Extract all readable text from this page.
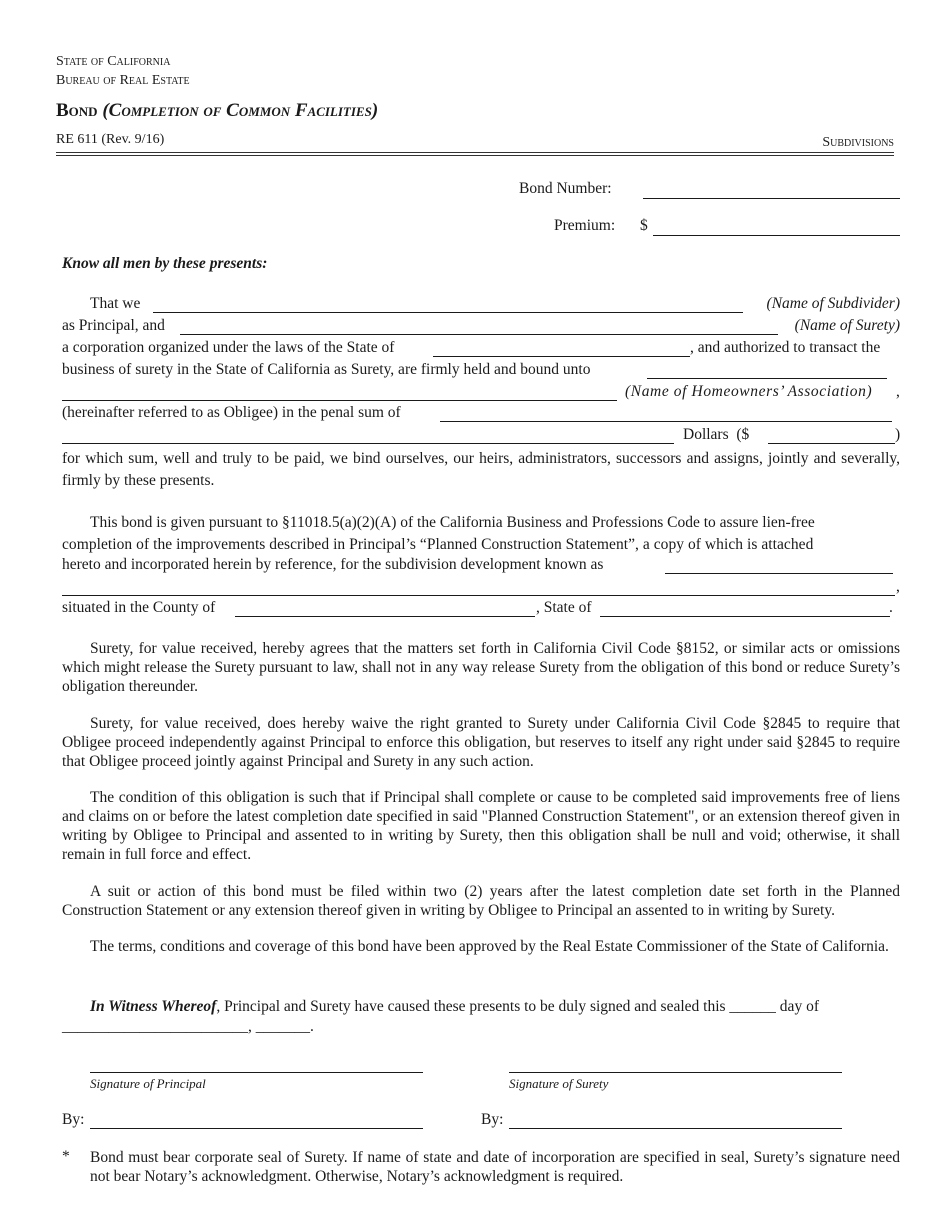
State of California
Bureau of Real Estate
Bond (Completion of Common Facilities)
RE 611 (Rev. 9/16)	Subdivisions
Bond Number:
Premium: $
Know all men by these presents:
That we	(Name of Subdivider)
as Principal, and	(Name of Surety)
a corporation organized under the laws of the State of	, and authorized to transact the
business of surety in the State of California as Surety, are firmly held and bound unto
(Name of Homeowners’ Association) ,
(hereinafter referred to as Obligee) in the penal sum of
Dollars  ($	)
for which sum, well and truly to be paid, we bind ourselves, our heirs, administrators, successors and assigns, jointly and severally, firmly by these presents.
This bond is given pursuant to §11018.5(a)(2)(A) of the California Business and Professions Code to assure lien-free
completion of the improvements described in Principal’s “Planned Construction Statement”, a copy of which is attached
hereto and incorporated herein by reference, for the subdivision development known as
,
situated in the County of	, State of	.
Surety, for value received, hereby agrees that the matters set forth in California Civil Code §8152, or similar acts or omissions which might release the Surety pursuant to law, shall not in any way release Surety from the obligation of this bond or reduce Surety’s obligation thereunder.
Surety, for value received, does hereby waive the right granted to Surety under California Civil Code §2845 to require that Obligee proceed independently against Principal to enforce this obligation, but reserves to itself any right under said §2845 to require that Obligee proceed jointly against Principal and Surety in any such action.
The condition of this obligation is such that if Principal shall complete or cause to be completed said improvements free of liens and claims on or before the latest completion date specified in said "Planned Construction Statement", or an extension thereof given in writing by Obligee to Principal and assented to in writing by Surety, then this obligation shall be null and void; otherwise, it shall remain in full force and effect.
A suit or action of this bond must be filed within two (2) years after the latest completion date set forth in the Planned Construction Statement or any extension thereof given in writing by Obligee to Principal an assented to in writing by Surety.
The terms, conditions and coverage of this bond have been approved by the Real Estate Commissioner of the State of California.
In Witness Whereof, Principal and Surety have caused these presents to be duly signed and sealed this ______ day of
________________________, _______.
Signature of Principal	Signature of Surety
By:	By:
* Bond must bear corporate seal of Surety. If name of state and date of incorporation are specified in seal, Surety’s signature need not bear Notary’s acknowledgment. Otherwise, Notary’s acknowledgment is required.
